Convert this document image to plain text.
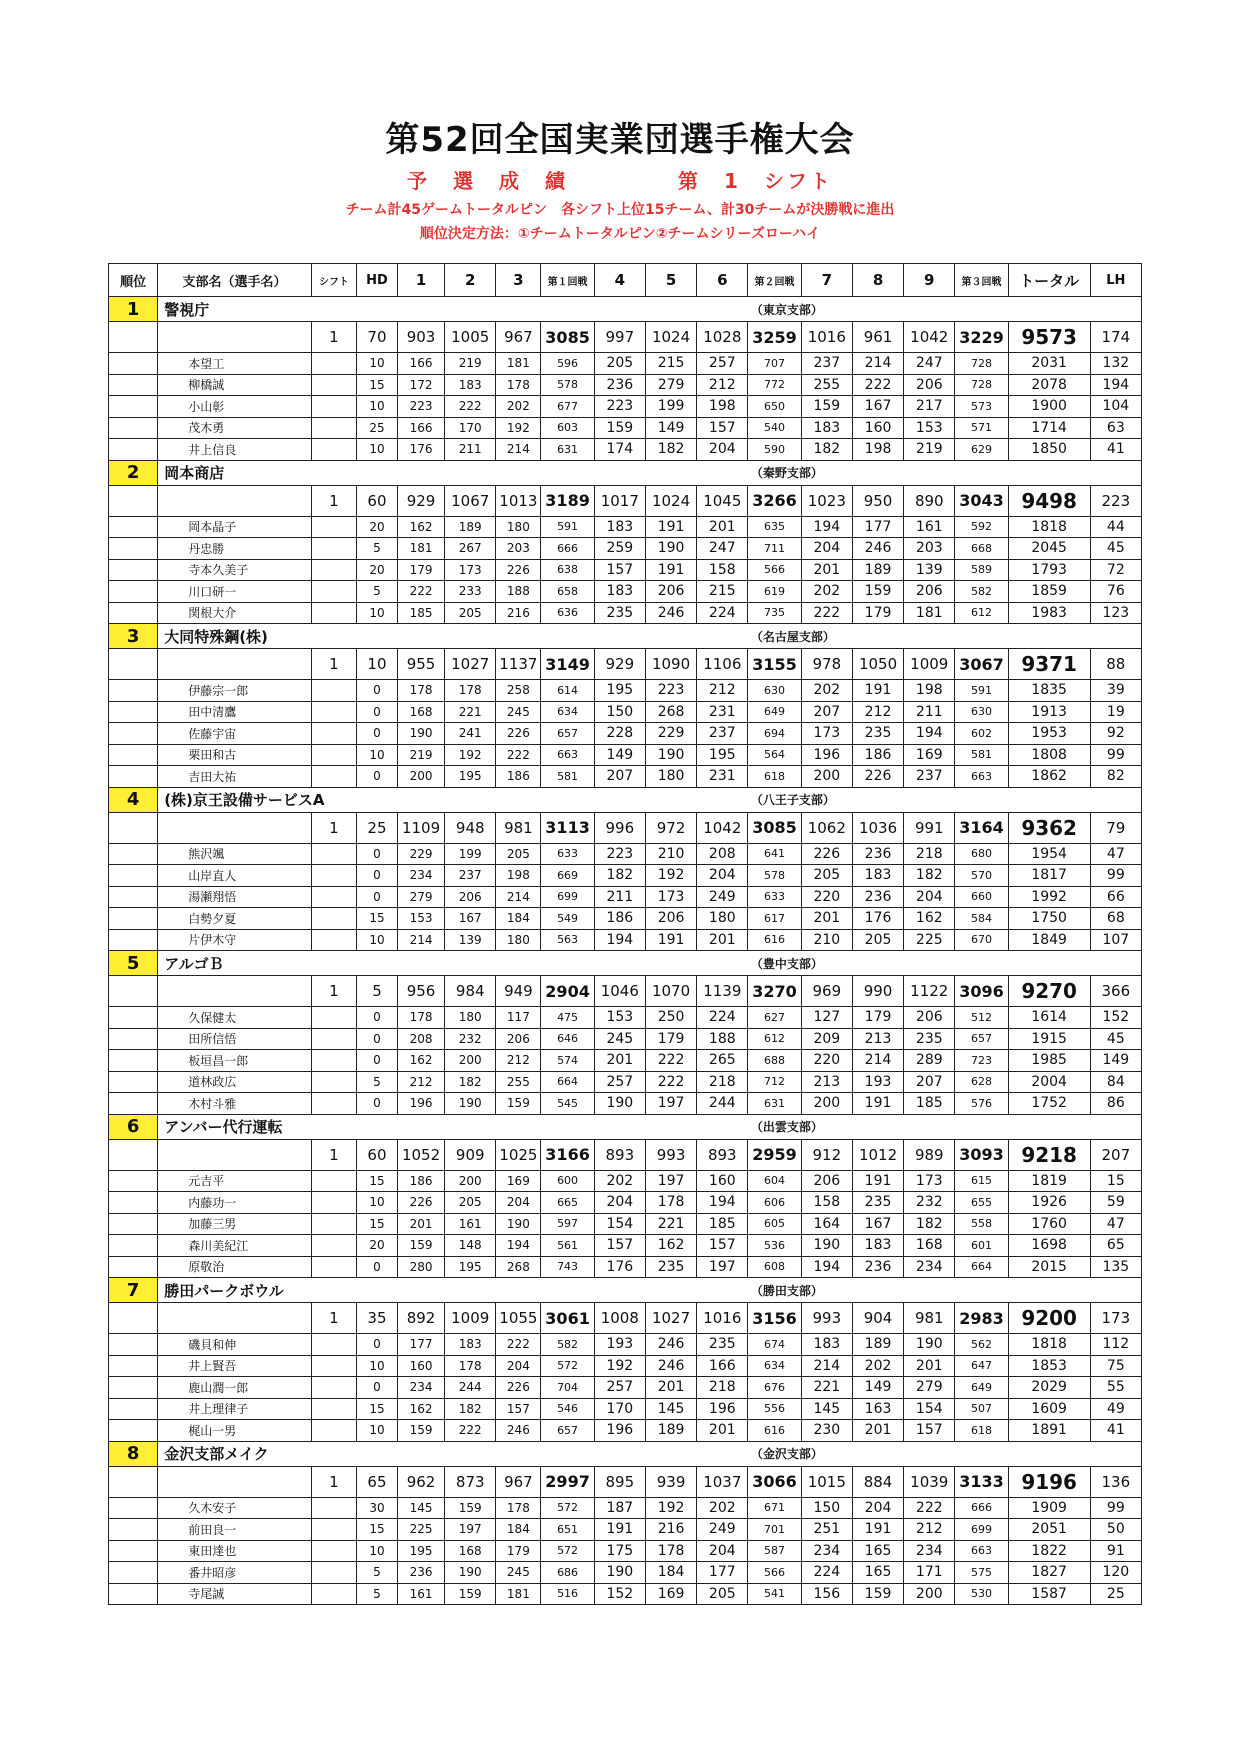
第52回全国実業団選手権大会
予　選　成　績	第　1　シフト
チーム計45ゲームトータルピン　各シフト上位15チーム、計30チームが決勝戦に進出
順位決定方法：①チームトータルピン②チームシリーズローハイ
順位	支部名（選手名）	シフト	HD	1	2	3	第１回戦	4	5	6	第２回戦	7	8	9	第３回戦	トータル	LH
1	警視庁						（東京支部）										
		1	70	903	1005	967	3085	997	1024	1028	3259	1016	961	1042	3229	9573	174
	本望工		10	166	219	181	596	205	215	257	707	237	214	247	728	2031	132
	柳橋誠		15	172	183	178	578	236	279	212	772	255	222	206	728	2078	194
	小山彰		10	223	222	202	677	223	199	198	650	159	167	217	573	1900	104
	茂木勇		25	166	170	192	603	159	149	157	540	183	160	153	571	1714	63
	井上信良		10	176	211	214	631	174	182	204	590	182	198	219	629	1850	41
2	岡本商店						（秦野支部）										
		1	60	929	1067	1013	3189	1017	1024	1045	3266	1023	950	890	3043	9498	223
	岡本晶子		20	162	189	180	591	183	191	201	635	194	177	161	592	1818	44
	丹忠勝		5	181	267	203	666	259	190	247	711	204	246	203	668	2045	45
	寺本久美子		20	179	173	226	638	157	191	158	566	201	189	139	589	1793	72
	川口研一		5	222	233	188	658	183	206	215	619	202	159	206	582	1859	76
	関根大介		10	185	205	216	636	235	246	224	735	222	179	181	612	1983	123
3	大同特殊鋼(株)						（名古屋支部）										
		1	10	955	1027	1137	3149	929	1090	1106	3155	978	1050	1009	3067	9371	88
	伊藤宗一郎		0	178	178	258	614	195	223	212	630	202	191	198	591	1835	39
	田中清鷹		0	168	221	245	634	150	268	231	649	207	212	211	630	1913	19
	佐藤宇宙		0	190	241	226	657	228	229	237	694	173	235	194	602	1953	92
	栗田和古		10	219	192	222	663	149	190	195	564	196	186	169	581	1808	99
	吉田大祐		0	200	195	186	581	207	180	231	618	200	226	237	663	1862	82
4	(株)京王設備サービスA						（八王子支部）										
		1	25	1109	948	981	3113	996	972	1042	3085	1062	1036	991	3164	9362	79
	熊沢颯		0	229	199	205	633	223	210	208	641	226	236	218	680	1954	47
	山岸直人		0	234	237	198	669	182	192	204	578	205	183	182	570	1817	99
	湯瀬翔悟		0	279	206	214	699	211	173	249	633	220	236	204	660	1992	66
	白勢夕夏		15	153	167	184	549	186	206	180	617	201	176	162	584	1750	68
	片伊木守		10	214	139	180	563	194	191	201	616	210	205	225	670	1849	107
5	アルゴＢ						（豊中支部）										
		1	5	956	984	949	2904	1046	1070	1139	3270	969	990	1122	3096	9270	366
	久保健太		0	178	180	117	475	153	250	224	627	127	179	206	512	1614	152
	田所信悟		0	208	232	206	646	245	179	188	612	209	213	235	657	1915	45
	板垣昌一郎		0	162	200	212	574	201	222	265	688	220	214	289	723	1985	149
	道林政広		5	212	182	255	664	257	222	218	712	213	193	207	628	2004	84
	木村斗雅		0	196	190	159	545	190	197	244	631	200	191	185	576	1752	86
6	アンバー代行運転						（出雲支部）										
		1	60	1052	909	1025	3166	893	993	893	2959	912	1012	989	3093	9218	207
	元吉平		15	186	200	169	600	202	197	160	604	206	191	173	615	1819	15
	内藤功一		10	226	205	204	665	204	178	194	606	158	235	232	655	1926	59
	加藤三男		15	201	161	190	597	154	221	185	605	164	167	182	558	1760	47
	森川美紀江		20	159	148	194	561	157	162	157	536	190	183	168	601	1698	65
	原敬治		0	280	195	268	743	176	235	197	608	194	236	234	664	2015	135
7	勝田パークボウル						（勝田支部）										
		1	35	892	1009	1055	3061	1008	1027	1016	3156	993	904	981	2983	9200	173
	磯貝和伸		0	177	183	222	582	193	246	235	674	183	189	190	562	1818	112
	井上賢吾		10	160	178	204	572	192	246	166	634	214	202	201	647	1853	75
	鹿山潤一郎		0	234	244	226	704	257	201	218	676	221	149	279	649	2029	55
	井上理律子		15	162	182	157	546	170	145	196	556	145	163	154	507	1609	49
	梶山一男		10	159	222	246	657	196	189	201	616	230	201	157	618	1891	41
8	金沢支部メイク						（金沢支部）										
		1	65	962	873	967	2997	895	939	1037	3066	1015	884	1039	3133	9196	136
	久木安子		30	145	159	178	572	187	192	202	671	150	204	222	666	1909	99
	前田良一		15	225	197	184	651	191	216	249	701	251	191	212	699	2051	50
	東田達也		10	195	168	179	572	175	178	204	587	234	165	234	663	1822	91
	番井昭彦		5	236	190	245	686	190	184	177	566	224	165	171	575	1827	120
	寺尾誠		5	161	159	181	516	152	169	205	541	156	159	200	530	1587	25
